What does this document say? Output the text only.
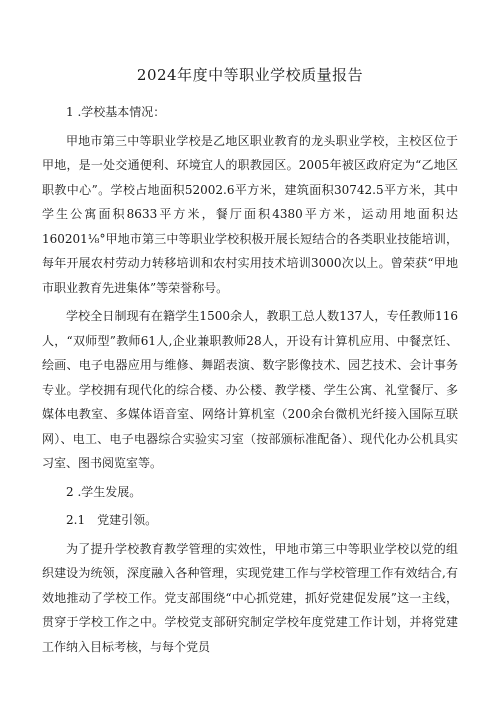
2024年度中等职业学校质量报告

1 .学校基本情况：

甲地市第三中等职业学校是乙地区职业教育的龙头职业学校，主校区位于甲地，是一处交通便利、环境宜人的职教园区。2005年被区政府定为“乙地区职教中心”。学校占地面积52002.6平方米，建筑面积30742.5平方米，其中学生公寓面积8633平方米，餐厅面积4380平方米，运动用地面积达160201⅛°甲地市第三中等职业学校积极开展长短结合的各类职业技能培训，每年开展农村劳动力转移培训和农村实用技术培训3000次以上。曾荣获“甲地市职业教育先进集体”等荣誉称号。

学校全日制现有在籍学生1500余人，教职工总人数137人，专任教师116人，“双师型”教师61人,企业兼职教师28人，开设有计算机应用、中餐烹饪、绘画、电子电器应用与维修、舞蹈表演、数字影像技术、园艺技术、会计事务专业。学校拥有现代化的综合楼、办公楼、教学楼、学生公寓、礼堂餐厅、多媒体电教室、多媒体语音室、网络计算机室（200余台微机光纤接入国际互联网）、电工、电子电器综合实验实习室（按部颁标准配备）、现代化办公机具实习室、图书阅览室等。

2 .学生发展。

2.1　党建引领。

为了提升学校教育教学管理的实效性，甲地市第三中等职业学校以党的组织建设为统领，深度融入各种管理，实现党建工作与学校管理工作有效结合,有效地推动了学校工作。党支部围绕“中心抓党建，抓好党建促发展”这一主线，贯穿于学校工作之中。学校党支部研究制定学校年度党建工作计划，并将党建工作纳入目标考核，与每个党员
